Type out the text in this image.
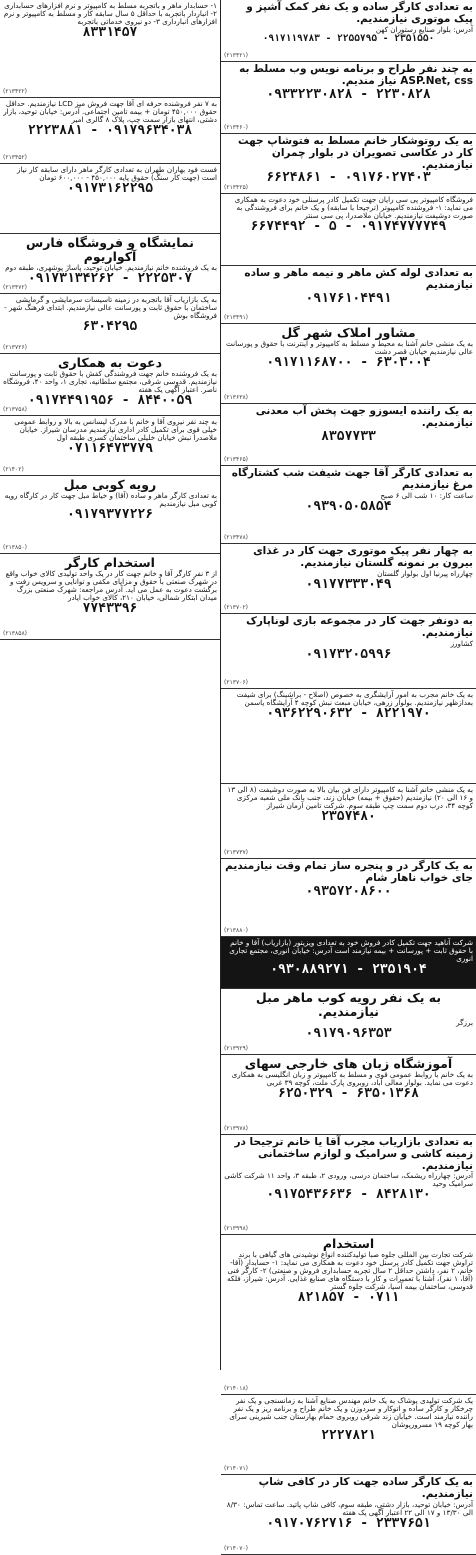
به تعدادی کارگر ساده و یک نفر کمک آشپز و پیک موتوری نیازمندیم.
آدرس: بلوار صنایع رستوران کهن
۰۹۱۷۱۱۹۷۸۳ - ۲۲۵۵۷۹۵ - ۲۳۵۱۵۵۰
(۲۱۳۴۲۱)
به چند نفر طراح و برنامه نویس وب مسلط به ASP.Net, css نیاز مندیم.
۰۹۳۳۲۲۳۰۸۲۸ - ۲۲۳۰۸۲۸
(۲۱۳۴۶۰)
به یک روتوشکار خانم مسلط به فتوشاپ جهت کار در عکاسی تصویران در بلوار چمران نیازمندیم.
۶۶۲۴۸۶۱ - ۰۹۱۷۶۰۲۷۴۰۳
(۲۱۳۴۲۵)
فروشگاه کامپیوتر پی سی رایان جهت تکمیل کادر پرسنلی خود دعوت به همکاری می نماید: ۱- فروشنده کامپیوتر (ترجیحا با سابقه) و یک خانم برای فروشندگی به صورت دوشیفت نیازمندیم. خیابان ملاصدرا، پی سی سنتر
۶۶۷۴۴۹۲ - ۵ - ۰۹۱۷۴۷۷۷۷۴۹
به تعدادی لوله کش ماهر و نیمه ماهر و ساده نیازمندیم
۰۹۱۷۶۱۰۴۴۹۱
(۲۱۳۴۹۱)
مشاور املاک شهر گل
به یک منشی خانم آشنا به محیط و مسلط به کامپیوتر و اینترنت با حقوق و پورسانت عالی نیازمندیم خیابان قصر دشت
۰۹۱۷۱۱۶۸۷۰۰ - ۶۳۰۳۰۰۴
(۲۱۳۶۳۸)
به یک راننده ایسوزو جهت پخش آب معدنی نیازمندیم.
۸۳۵۷۷۳۳
(۲۱۳۴۶۵)
به تعدادی کارگر آقا جهت شیفت شب کشتارگاه مرغ نیازمندیم
ساعت کار: ۱۰ شب الی ۶ صبح
۰۹۳۹۰۵۰۵۸۵۴
(۲۱۳۴۷۸)
به چهار نفر پیک موتوری جهت کار در غذای بیرون بر نمونه گلستان نیازمندیم.
چهارراه پیرنیا اول بولوار گلستان
۰۹۱۷۷۳۳۳۰۴۹
(۲۱۳۷۰۲)
به دونفر جهت کار در مجموعه بازی لوناپارک نیازمندیم.
کشاورز
۰۹۱۷۳۲۰۵۹۹۶
(۲۱۳۷۰۶)
به یک خانم مجرب به امور آرایشگری به خصوص (اصلاح - براشینگ) برای شیفت بعدازظهر نیازمندیم. بولوار زرهی، خیابان مبعث نبش کوچه ۴ آرایشگاه یاسمن
۰۹۳۶۲۲۹۰۶۳۲ - ۸۲۲۱۹۷۰
به یک منشی خانم آشنا به کامپیوتر دارای فن بیان بالا به صورت دوشیفت (۸ الی ۱۳ و ۱۶ الی ۲۰) نیازمندیم (حقوق + بیمه) خیابان زند، جنب بانک ملی شعبه مرکزی کوچه ۳۴، درب دوم سمت چپ طبقه سوم. شرکت تامین آرمان شیراز
۲۳۵۷۴۸۰
(۲۱۳۷۳۷)
به یک کارگر در و پنجره ساز تمام وقت نیازمندیم جای خواب ناهار شام
۰۹۳۵۷۲۰۸۶۰۰
(۲۱۳۸۸۰)
شرکت آناهید جهت تکمیل کادر فروش خود به تعدادی ویزیتور (بازاریاب) آقا و خانم با حقوق ثابت + پورسانت + بیمه نیازمند است آدرس: خیابان انوری، مجتمع تجاری انوری
۰۹۳۰۸۸۹۲۷۱ - ۲۳۵۱۹۰۴
به یک نفر رویه کوب ماهر مبل نیازمندیم.
برزگر
۰۹۱۷۹۰۹۶۳۵۳
(۲۱۳۹۲۹)
آموزشگاه زبان های خارجی سهای
به یک خانم با روابط عمومی قوی و مسلط به کامپیوتر و زبان انگلیسی به همکاری دعوت می نماید. بولوار معالی آباد، روبروی پارک ملت، کوچه ۳۹ غربی
۶۲۵۰۳۲۹ - ۶۳۵۰۱۳۶۸
(۲۱۳۹۷۸)
به تعدادی بازاریاب مجرب آقا یا خانم ترجیحا در زمینه کاشی و سرامیک و لوازم ساختمانی نیازمندیم.
آدرس: چهارراه ریشمک، ساختمان درسی، ورودی ۲، طبقه ۳، واحد ۱۱ شرکت کاشی سرامیک وحید
۰۹۱۷۵۴۳۶۶۳۶ - ۸۴۲۸۱۳۰
(۲۱۳۹۹۸)
استخدام
شرکت تجارت بین المللی جلوه صبا تولیدکننده انواع نوشیدنی های گیاهی با برند تراوش جهت تکمیل کادر پرسنل خود دعوت به همکاری می نماید: ۱- حسابدار (آقا-خانم، ۲ نفر، داشتن حداقل ۲ سال تجربه حسابداری فروش و صنعتی) ۲- کارگر فنی (آقا، ۱ نفر)، آشنا با تعمیرات و کار با دستگاه های صنایع غذایی. آدرس: شیراز، فلکه قدوسی، ساختمان بیمه آسیا، شرکت جلوه گستر
۸۲۱۸۵۷ - ۰۷۱۱
(۲۱۴۰۱۸)
یک شرکت تولیدی پوشاک به یک خانم مهندس صنایع آشنا به زمانسنجی و یک نفر چرخکار و کارگر ساده و اتوکار و سردوزن و یک خانم طراح و برنامه ریز و یک نفر راننده نیازمند است. خیابان زند شرقی روبروی حمام بهارستان جنب شیرینی سرای بهار کوچه ۱۹ مسرورپوشان
۲۲۲۷۸۲۱
(۲۱۴۰۷۱)
به یک کارگر ساده جهت کار در کافی شاپ نیازمندیم.
آدرس: خیابان توحید، بازار دشتی، طبقه سوم، کافی شاپ پاتید. ساعت تماس: ۸/۳۰ الی ۱۳/۳۰ و ۱۷ الی ۲۲ اعتبار آگهی یک هفته
۰۹۱۷۰۷۶۲۷۱۶ - ۲۳۳۷۶۵۱
(۲۱۴۰۷۰)
۱- حسابدار ماهر و باتجربه مسلط به کامپیوتر و نرم افزارهای حسابداری ۲- انباردار باتجربه با حداقل ۵ سال سابقه کار و مسلط به کامپیوتر و نرم افزارهای انبارداری ۳- دو نیروی خدماتی باتجربه
۸۳۳۱۴۵۷
(۲۱۳۴۲۲)
به ۷ نفر فروشنده حرفه ای آقا جهت فروش میز LCD نیازمندیم. حداقل حقوق ۴۵۰,۰۰۰ تومان + بیمه تامین اجتماعی. آدرس: خیابان توحید، بازار دشتی، انتهای بازار سمت چپ، پلاک ۸ گالری امیر
۲۲۲۳۸۸۱ - ۰۹۱۷۹۶۳۴۰۳۸
(۲۱۳۴۵۲)
فست فود بهاران طهران به تعدادی کارگر ماهر دارای سابقه کار نیاز است (جهت کار سنگ) حقوق پایه ۴۵۰,۰۰۰ - ۶۰۰,۰۰۰ تومان
۰۹۱۷۳۱۶۲۲۹۵
نمایشگاه و فروشگاه فارس آکواریوم
به یک فروشنده خانم نیازمندیم. خیابان توحید، پاساژ پوشهری، طبقه دوم
۰۹۱۷۳۱۳۴۲۶۲ - ۲۲۲۵۳۰۷
(۲۱۳۴۷۲)
به یک بازاریاب آقا باتجربه در زمینه تاسیسات سرمایشی و گرمایشی ساختمان با حقوق ثابت و پورسانت عالی نیازمندیم. ابتدای فرهنگ شهر - فروشگاه بوش
۶۳۰۴۲۹۵
(۲۱۳۷۲۶)
دعوت به همکاری
به یک فروشنده خانم جهت فروشندگی کفش با حقوق ثابت و پورسانت نیازمندیم. قدوسی شرقی، مجتمع سلطانیه، تجاری ۱، واحد ۴۰، فروشگاه ناصر. اعتبار آگهی یک هفته
۰۹۱۷۴۴۹۱۹۵۶ - ۸۴۴۰۰۵۹
(۲۱۳۷۵۸)
به چند نفر نیروی آقا و خانم با مدرک لیسانس به بالا و روابط عمومی خیلی قوی برای تکمیل کادر اداری نیازمندیم مدرسان شیراز. خیابان ملاصدرا نبش خیابان خلیلی ساختمان کسری طبقه اول
۰۷۱۱۶۴۷۳۷۷۹
(۲۱۴۰۲)
رویه کوبی مبل
به تعدادی کارگر ماهر و ساده (آقا) و خیاط مبل جهت کار در کارگاه رویه کوبی مبل نیازمندیم
۰۹۱۷۹۳۷۷۲۲۶
(۲۱۳۸۵۰)
استخدام کارگر
از ۳ نفر کارگر آقا و خانم جهت کار در یک واحد تولیدی کالای خواب واقع در شهرک صنعتی با حقوق و مزایای مکفی و توانایی و سرویس رفت و برگشت دعوت به عمل می آید. آدرس مراجعه: شهرک صنعتی بزرگ میدان ابتکار شمالی، خیابان ۲۱۰، کالای خواب ایادر
۷۷۴۳۳۹۶
(۲۱۳۸۵۸)
